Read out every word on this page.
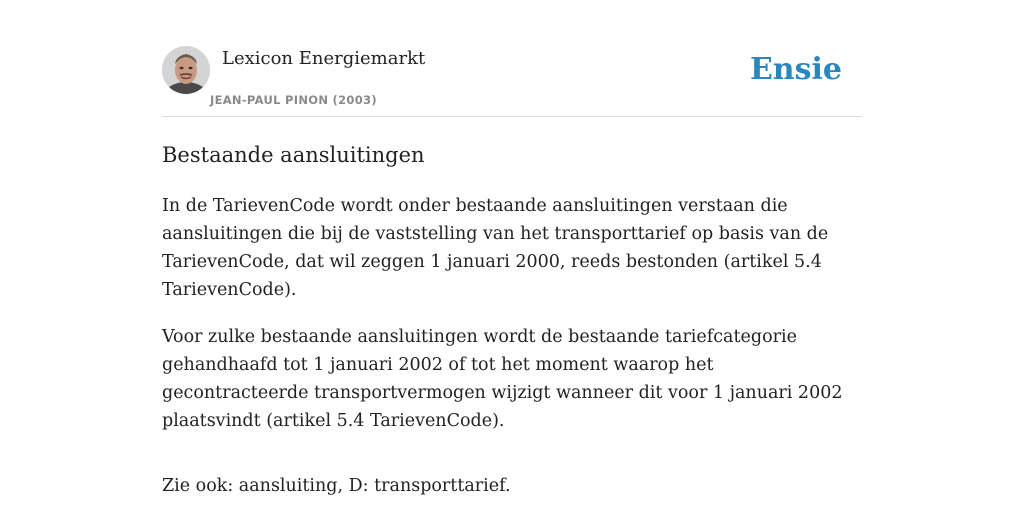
Lexicon Energiemarkt
JEAN-PAUL PINON (2003)
Ensie
Bestaande aansluitingen

In de TarievenCode wordt onder bestaande aansluitingen verstaan die aansluitingen die bij de vaststelling van het transporttarief op basis van de TarievenCode, dat wil zeggen 1 januari 2000, reeds bestonden (artikel 5.4 TarievenCode).

Voor zulke bestaande aansluitingen wordt de bestaande tariefcategorie gehandhaafd tot 1 januari 2002 of tot het moment waarop het gecontracteerde transportvermogen wijzigt wanneer dit voor 1 januari 2002 plaatsvindt (artikel 5.4 TarievenCode).

Zie ook: aansluiting, D: transporttarief.
